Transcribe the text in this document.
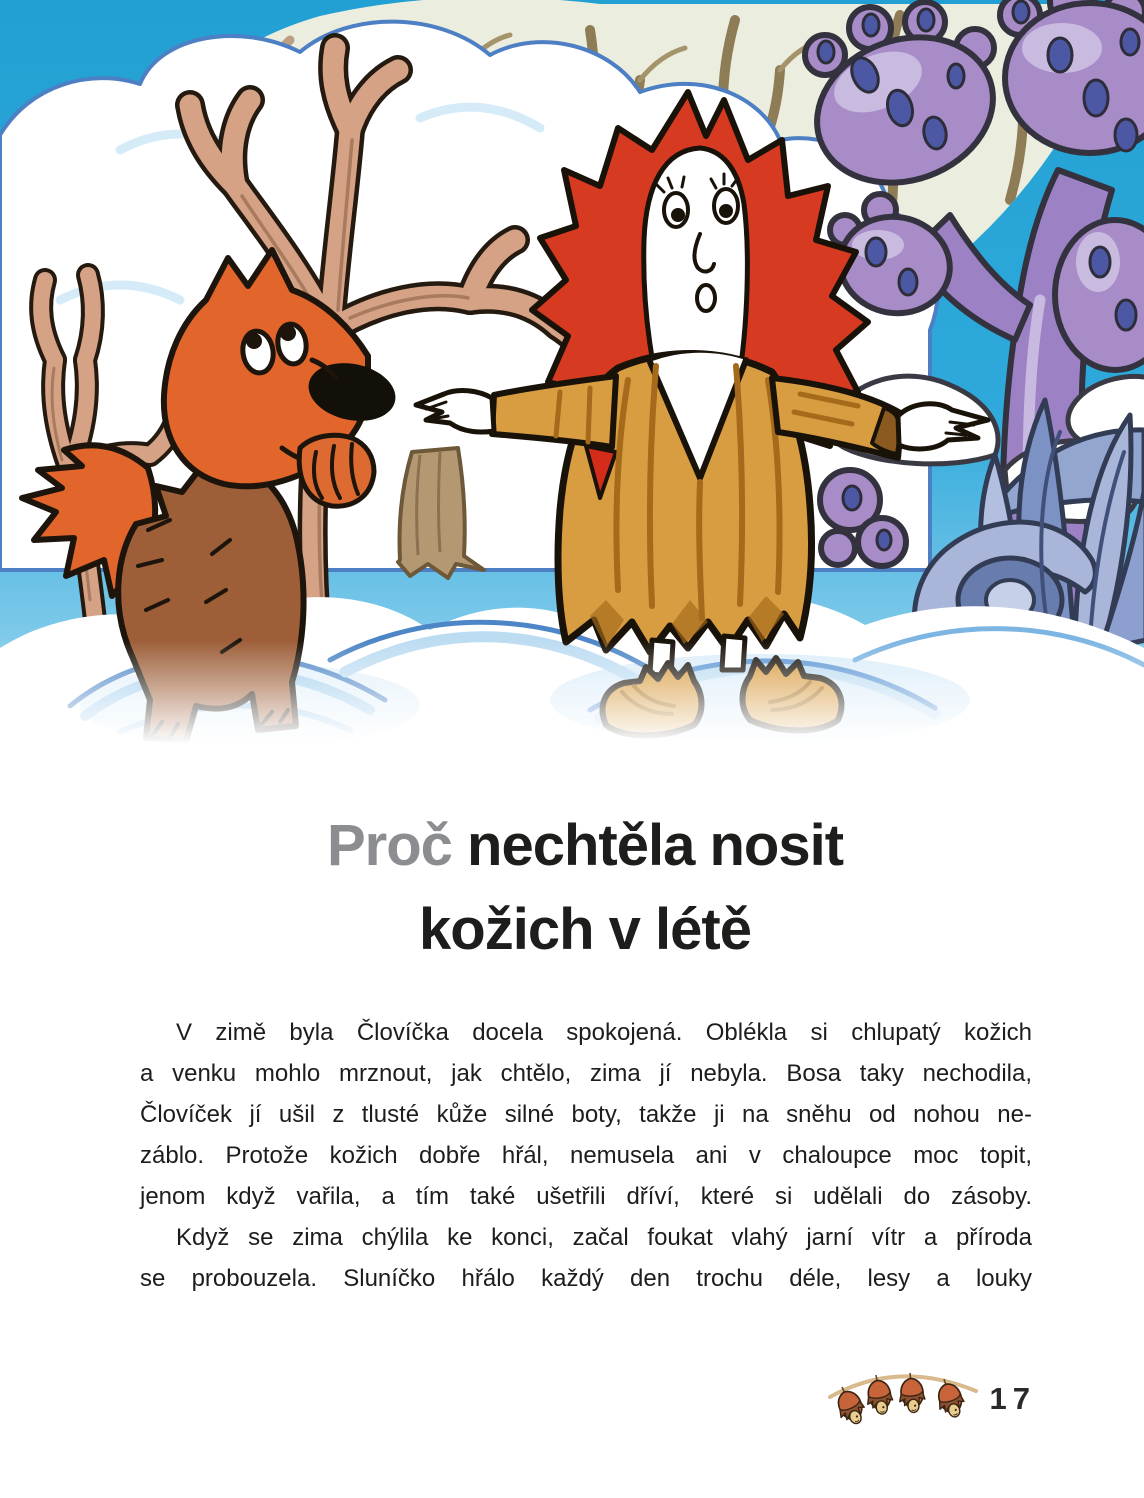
Proč nechtěla nosit
kožich v létě
V zimě byla Človíčka docela spokojená. Oblékla si chlupatý kožich
a venku mohlo mrznout, jak chtělo, zima jí nebyla. Bosa taky nechodila,
Človíček jí ušil z tlusté kůže silné boty, takže ji na sněhu od nohou ne-
záblo. Protože kožich dobře hřál, nemusela ani v chaloupce moc topit,
jenom když vařila, a tím také ušetřili dříví, které si udělali do zásoby.
Když se zima chýlila ke konci, začal foukat vlahý jarní vítr a příroda
se probouzela. Sluníčko hřálo každý den trochu déle, lesy a louky
17
